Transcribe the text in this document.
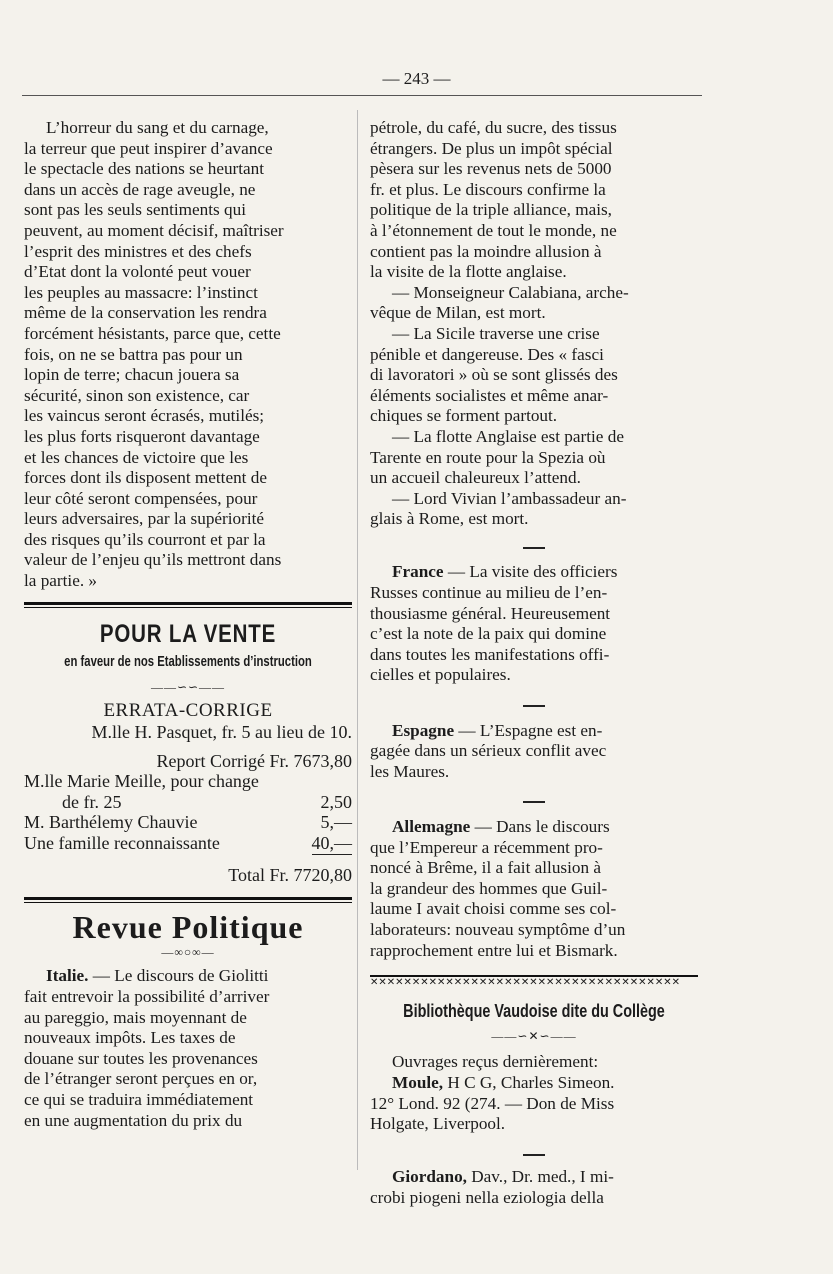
— 243 —

L’horreur du sang et du carnage,

la terreur que peut inspirer d’avance

le spectacle des nations se heurtant

dans un accès de rage aveugle, ne

sont pas les seuls sentiments qui

peuvent, au moment décisif, maîtriser

l’esprit des ministres et des chefs

d’Etat dont la volonté peut vouer

les peuples au massacre: l’instinct

même de la conservation les rendra

forcément hésistants, parce que, cette

fois, on ne se battra pas pour un

lopin de terre; chacun jouera sa

sécurité, sinon son existence, car

les vaincus seront écrasés, mutilés;

les plus forts risqueront davantage

et les chances de victoire que les

forces dont ils disposent mettent de

leur côté seront compensées, pour

leurs adversaires, par la supériorité

des risques qu’ils courront et par la

valeur de l’enjeu qu’ils mettront dans

la partie. »

POUR LA VENTE
en faveur de nos Etablissements d’instruction
——∽∽——
ERRATA-CORRIGE

M.lle H. Pasquet, fr. 5 au lieu de 10.

Report Corrigé Fr. 7673,80

M.lle Marie Meille, pour change
de fr. 25	2,50
M. Barthélemy Chauvie	5,—
Une famille reconnaissante	40,—

Total Fr. 7720,80

Revue Politique
—∞○∞—

Italie. — Le discours de Giolitti

fait entrevoir la possibilité d’arriver

au pareggio, mais moyennant de

nouveaux impôts. Les taxes de

douane sur toutes les provenances

de l’étranger seront perçues en or,

ce qui se traduira immédiatement

en une augmentation du prix du

pétrole, du café, du sucre, des tissus

étrangers. De plus un impôt spécial

pèsera sur les revenus nets de 5000

fr. et plus. Le discours confirme la

politique de la triple alliance, mais,

à l’étonnement de tout le monde, ne

contient pas la moindre allusion à

la visite de la flotte anglaise.

— Monseigneur Calabiana, arche-

vêque de Milan, est mort.

— La Sicile traverse une crise

pénible et dangereuse. Des « fasci

di lavoratori » où se sont glissés des

éléments socialistes et même anar-

chiques se forment partout.

— La flotte Anglaise est partie de

Tarente en route pour la Spezia où

un accueil chaleureux l’attend.

— Lord Vivian l’ambassadeur an-

glais à Rome, est mort.

France — La visite des officiers

Russes continue au milieu de l’en-

thousiasme général. Heureusement

c’est la note de la paix qui domine

dans toutes les manifestations offi-

cielles et populaires.

Espagne — L’Espagne est en-

gagée dans un sérieux conflit avec

les Maures.

Allemagne — Dans le discours

que l’Empereur a récemment pro-

noncé à Brême, il a fait allusion à

la grandeur des hommes que Guil-

laume I avait choisi comme ses col-

laborateurs: nouveau symptôme d’un

rapprochement entre lui et Bismark.

✕✕✕✕✕✕✕✕✕✕✕✕✕✕✕✕✕✕✕✕✕✕✕✕✕✕✕✕✕✕✕✕✕✕✕✕✕
Bibliothèque Vaudoise dite du Collège
——∽✕∽——

Ouvrages reçus dernièrement:

Moule, H C G, Charles Simeon.

12° Lond. 92 (274. — Don de Miss

Holgate, Liverpool.

Giordano, Dav., Dr. med., I mi-

crobi piogeni nella eziologia della
